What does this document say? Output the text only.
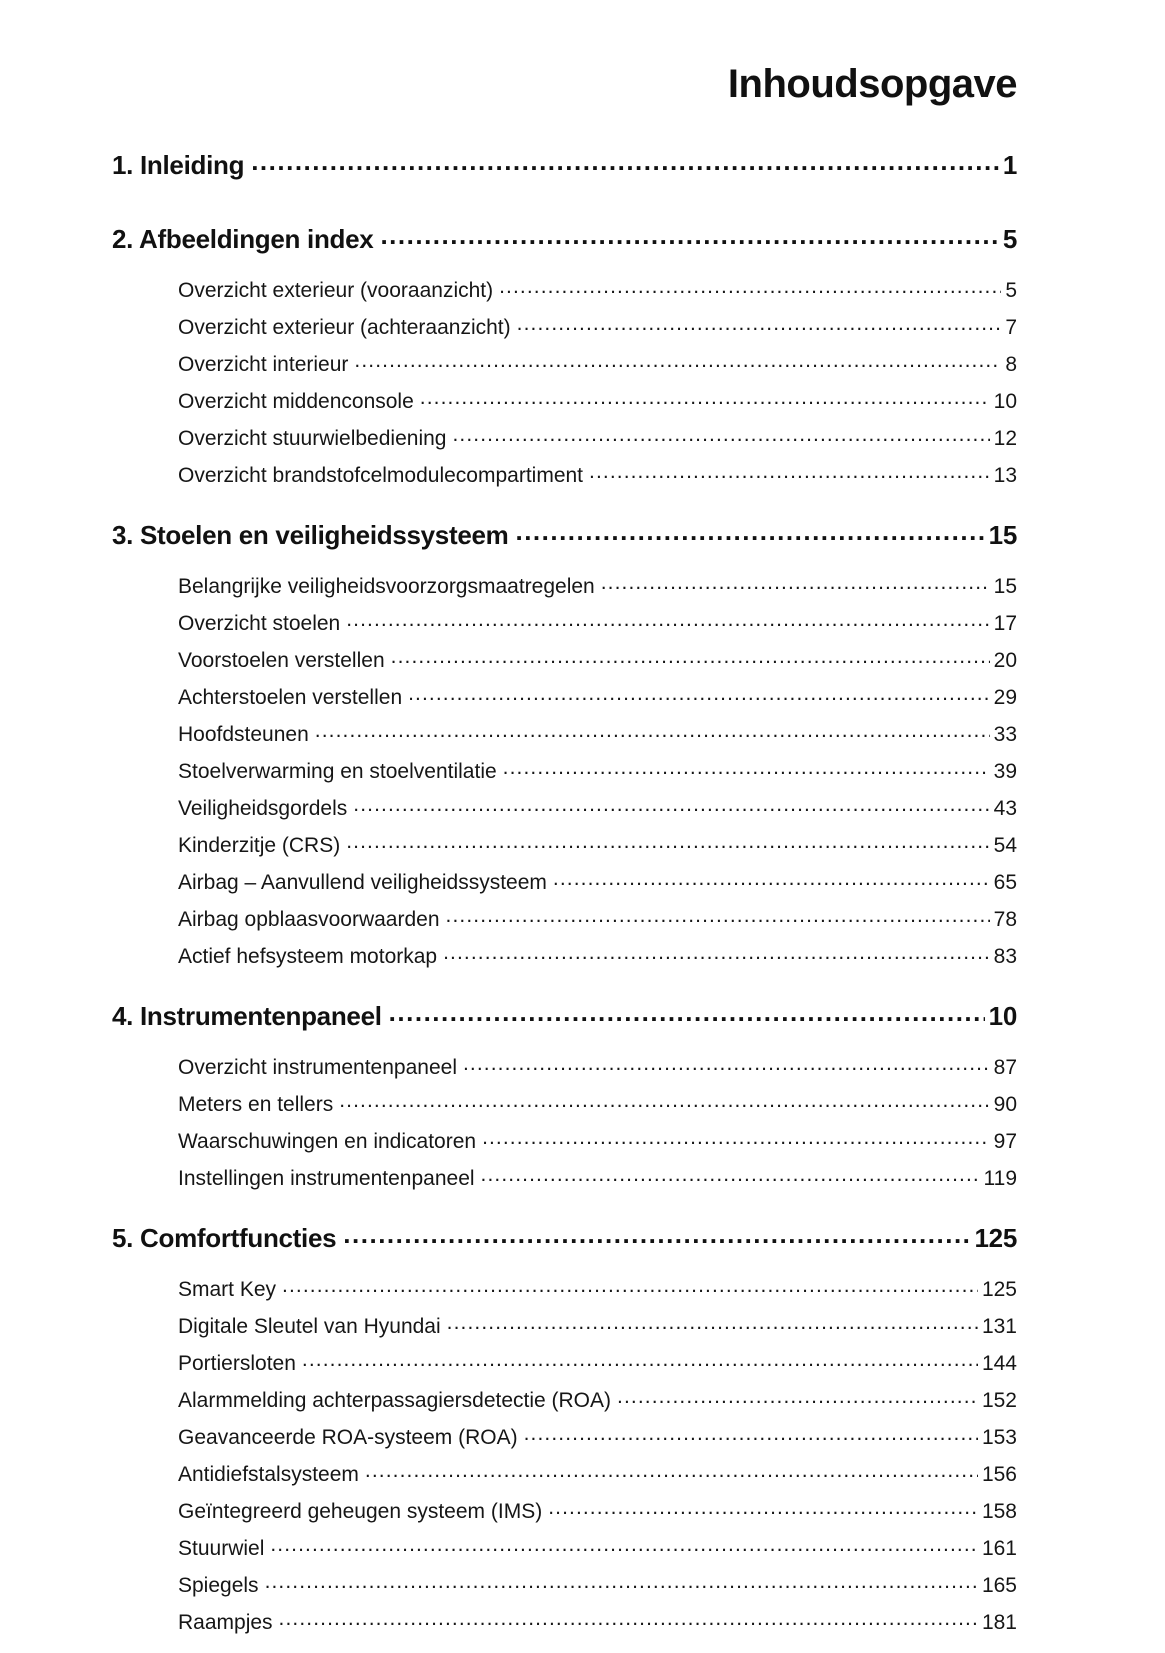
Inhoudsopgave
1. Inleiding .....	1
2. Afbeeldingen index .....	5
Overzicht exterieur (vooraanzicht) .....	5
Overzicht exterieur (achteraanzicht) .....	7
Overzicht interieur .....	8
Overzicht middenconsole .....	10
Overzicht stuurwielbediening .....	12
Overzicht brandstofcelmodulecompartiment .....	13
3. Stoelen en veiligheidssysteem .....	15
Belangrijke veiligheidsvoorzorgsmaatregelen .....	15
Overzicht stoelen .....	17
Voorstoelen verstellen .....	20
Achterstoelen verstellen .....	29
Hoofdsteunen .....	33
Stoelverwarming en stoelventilatie .....	39
Veiligheidsgordels .....	43
Kinderzitje (CRS) .....	54
Airbag – Aanvullend veiligheidssysteem .....	65
Airbag opblaasvoorwaarden .....	78
Actief hefsysteem motorkap .....	83
4. Instrumentenpaneel .....	10
Overzicht instrumentenpaneel .....	87
Meters en tellers .....	90
Waarschuwingen en indicatoren .....	97
Instellingen instrumentenpaneel .....	119
5. Comfortfuncties .....	125
Smart Key .....	125
Digitale Sleutel van Hyundai .....	131
Portiersloten .....	144
Alarmmelding achterpassagiersdetectie (ROA) .....	152
Geavanceerde ROA-systeem (ROA) .....	153
Antidiefstalsysteem .....	156
Geïntegreerd geheugen systeem (IMS) .....	158
Stuurwiel .....	161
Spiegels .....	165
Raampjes .....	181
